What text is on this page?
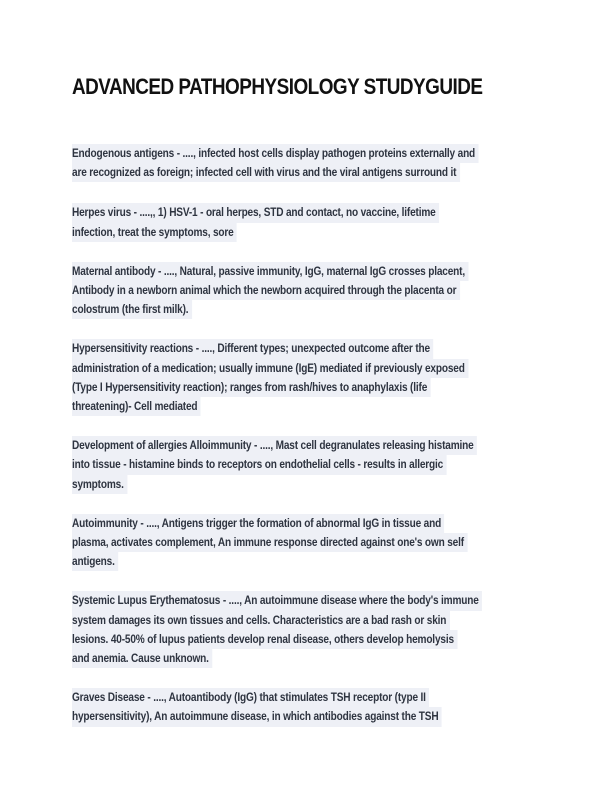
ADVANCED PATHOPHYSIOLOGY STUDYGUIDE

Endogenous antigens - ...., infected host cells display pathogen proteins externally and
are recognized as foreign; infected cell with virus and the viral antigens surround it

Herpes virus - ....,, 1) HSV-1 - oral herpes, STD and contact, no vaccine, lifetime
infection, treat the symptoms, sore

Maternal antibody - ...., Natural, passive immunity, IgG, maternal IgG crosses placent,
Antibody in a newborn animal which the newborn acquired through the placenta or
colostrum (the first milk).

Hypersensitivity reactions - ...., Different types; unexpected outcome after the
administration of a medication; usually immune (IgE) mediated if previously exposed
(Type I Hypersensitivity reaction); ranges from rash/hives to anaphylaxis (life
threatening)- Cell mediated

Development of allergies Alloimmunity - ...., Mast cell degranulates releasing histamine
into tissue - histamine binds to receptors on endothelial cells - results in allergic
symptoms.

Autoimmunity - ...., Antigens trigger the formation of abnormal IgG in tissue and
plasma, activates complement, An immune response directed against one's own self
antigens.

Systemic Lupus Erythematosus - ...., An autoimmune disease where the body's immune
system damages its own tissues and cells. Characteristics are a bad rash or skin
lesions. 40-50% of lupus patients develop renal disease, others develop hemolysis
and anemia. Cause unknown.

Graves Disease - ...., Autoantibody (IgG) that stimulates TSH receptor (type II
hypersensitivity), An autoimmune disease, in which antibodies against the TSH
